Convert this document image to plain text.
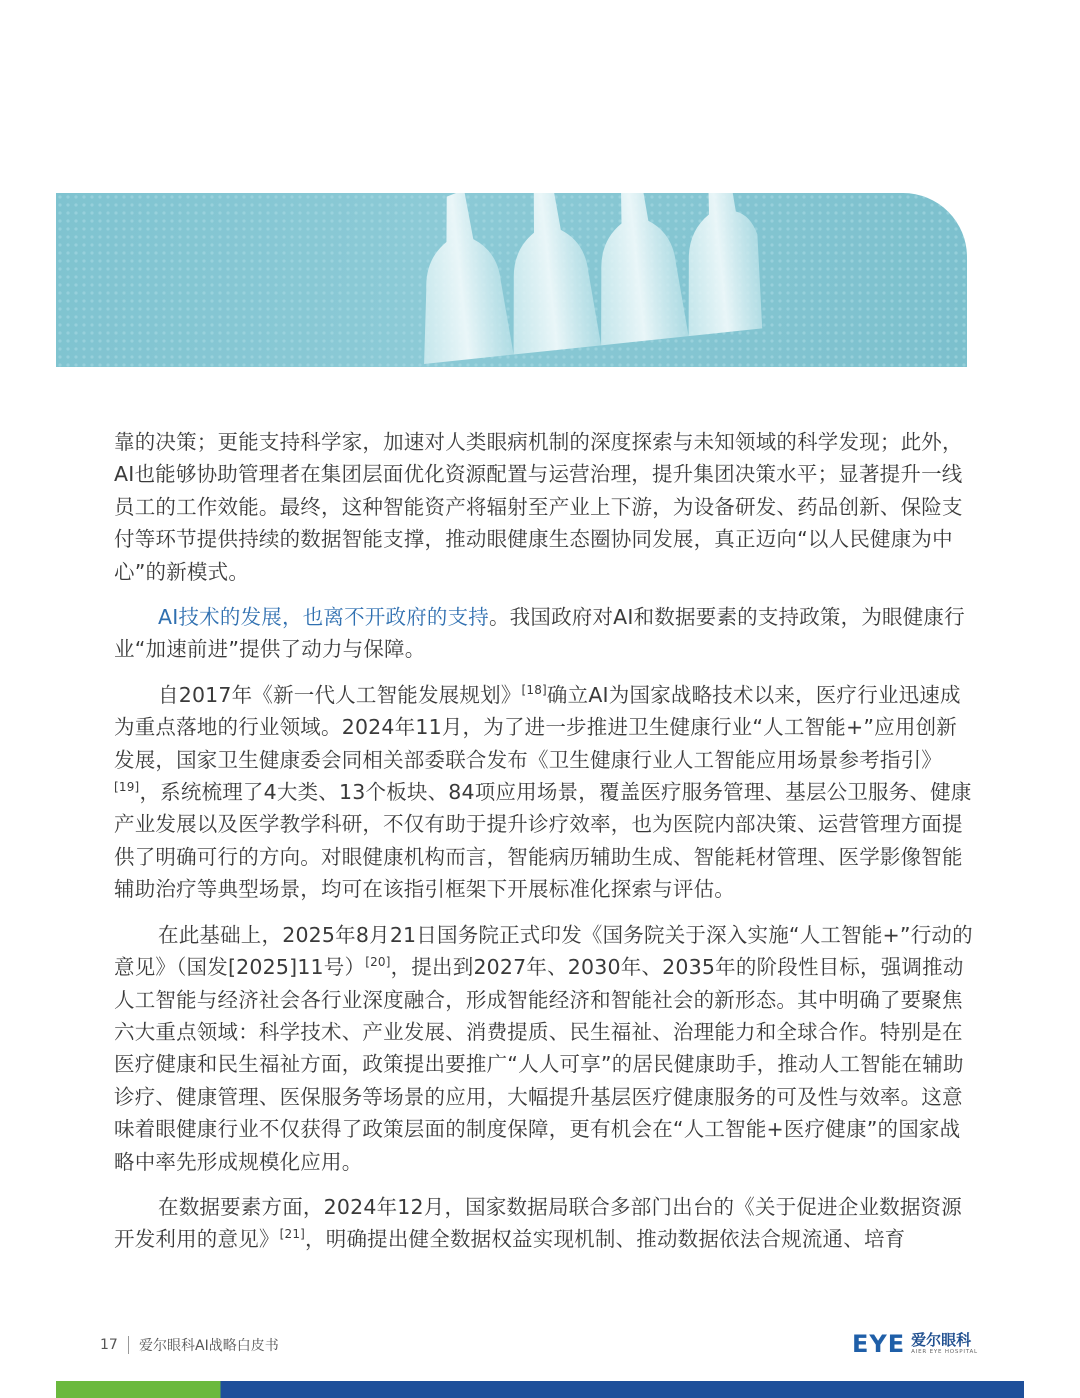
靠的决策；更能支持科学家，加速对人类眼病机制的深度探索与未知领域的科学发现；此外，AI也能够协助管理者在集团层面优化资源配置与运营治理，提升集团决策水平；显著提升一线员工的工作效能。最终，这种智能资产将辐射至产业上下游，为设备研发、药品创新、保险支付等环节提供持续的数据智能支撑，推动眼健康生态圈协同发展，真正迈向“以人民健康为中心”的新模式。

AI技术的发展，也离不开政府的支持。我国政府对AI和数据要素的支持政策，为眼健康行业“加速前进”提供了动力与保障。

自2017年《新一代人工智能发展规划》[18]确立AI为国家战略技术以来，医疗行业迅速成为重点落地的行业领域。2024年11月，为了进一步推进卫生健康行业“人工智能+”应用创新发展，国家卫生健康委会同相关部委联合发布《卫生健康行业人工智能应用场景参考指引》[19]，系统梳理了4大类、13个板块、84项应用场景，覆盖医疗服务管理、基层公卫服务、健康产业发展以及医学教学科研，不仅有助于提升诊疗效率，也为医院内部决策、运营管理方面提供了明确可行的方向。对眼健康机构而言，智能病历辅助生成、智能耗材管理、医学影像智能辅助治疗等典型场景，均可在该指引框架下开展标准化探索与评估。

在此基础上，2025年8月21日国务院正式印发《国务院关于深入实施“人工智能+”行动的意见》（国发[2025]11号）[20]，提出到2027年、2030年、2035年的阶段性目标，强调推动人工智能与经济社会各行业深度融合，形成智能经济和智能社会的新形态。其中明确了要聚焦六大重点领域：科学技术、产业发展、消费提质、民生福祉、治理能力和全球合作。特别是在医疗健康和民生福祉方面，政策提出要推广“人人可享”的居民健康助手，推动人工智能在辅助诊疗、健康管理、医保服务等场景的应用，大幅提升基层医疗健康服务的可及性与效率。这意味着眼健康行业不仅获得了政策层面的制度保障，更有机会在“人工智能+医疗健康”的国家战略中率先形成规模化应用。

在数据要素方面，2024年12月，国家数据局联合多部门出台的《关于促进企业数据资源开发利用的意见》[21]，明确提出健全数据权益实现机制、推动数据依法合规流通、培育

17 爱尔眼科AI战略白皮书	EYE 爱尔眼科
AIER EYE HOSPITAL
